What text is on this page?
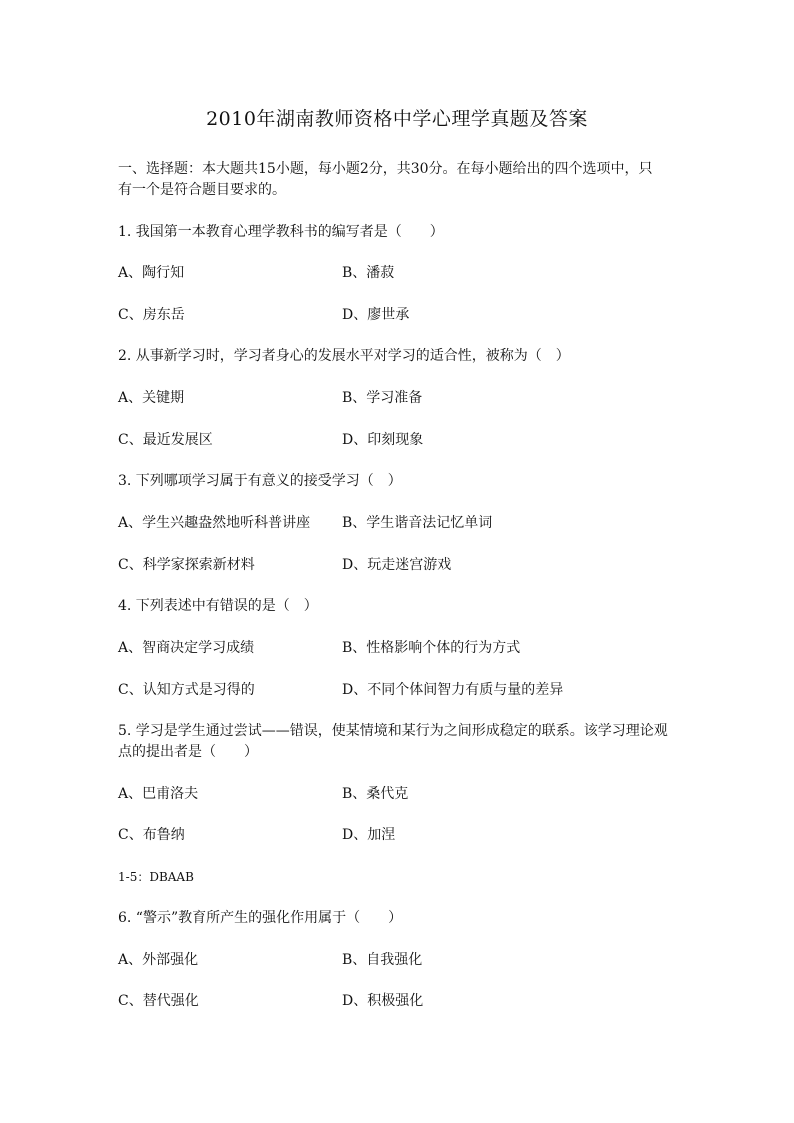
2010年湖南教师资格中学心理学真题及答案
一、选择题：本大题共15小题，每小题2分，共30分。在每小题给出的四个选项中，只
有一个是符合题目要求的。
1. 我国第一本教育心理学教科书的编写者是（　　）
A、陶行知	B、潘菽
C、房东岳	D、廖世承
2. 从事新学习时，学习者身心的发展水平对学习的适合性，被称为（　）
A、关键期	B、学习准备
C、最近发展区	D、印刻现象
3. 下列哪项学习属于有意义的接受学习（　）
A、学生兴趣盎然地听科普讲座 B、学生谐音法记忆单词
C、科学家探索新材料	D、玩走迷宫游戏
4. 下列表述中有错误的是（　）
A、智商决定学习成绩	B、性格影响个体的行为方式
C、认知方式是习得的	D、不同个体间智力有质与量的差异
5. 学习是学生通过尝试——错误，使某情境和某行为之间形成稳定的联系。该学习理论观
点的提出者是（　　）
A、巴甫洛夫	B、桑代克
C、布鲁纳	D、加涅
1-5：DBAAB
6. “警示”教育所产生的强化作用属于（　　）
A、外部强化	B、自我强化
C、替代强化	D、积极强化
